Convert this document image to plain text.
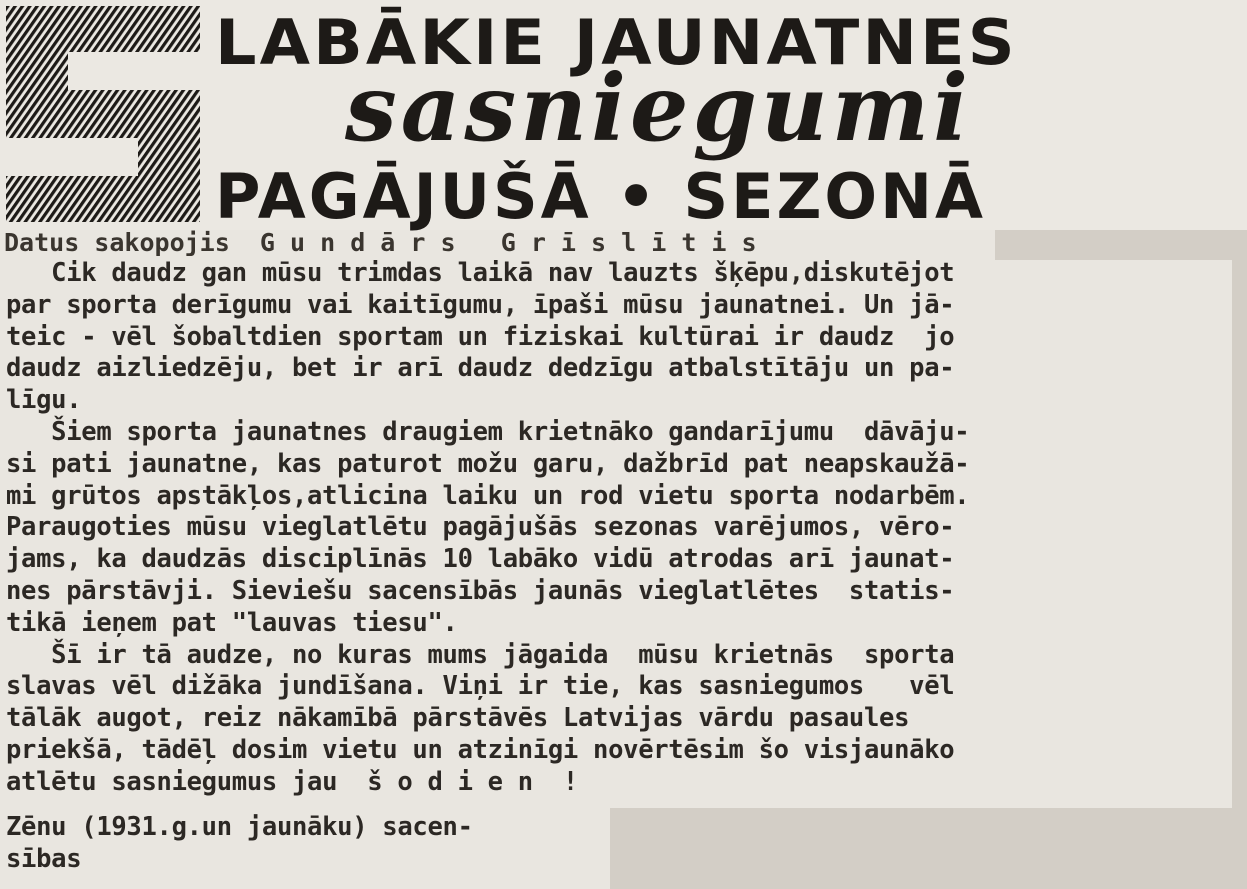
LABĀKIE JAUNATNES
sasniegumi
PAGĀJUŠĀ • SEZONĀ
Datus sakopojis G u n d ā r s   G r ī s l ī t i s
Cik daudz gan mūsu trimdas laikā nav lauzts šķēpu,diskutējot
par sporta derīgumu vai kaitīgumu, īpaši mūsu jaunatnei. Un jā-
teic - vēl šobaltdien sportam un fiziskai kultūrai ir daudz  jo
daudz aizliedzēju, bet ir arī daudz dedzīgu atbalstītāju un pa-
līgu.
Šiem sporta jaunatnes draugiem krietnāko gandarījumu  dāvāju-
si pati jaunatne, kas paturot možu garu, dažbrīd pat neapskaužā-
mi grūtos apstākļos,atlicina laiku un rod vietu sporta nodarbēm.
Paraugoties mūsu vieglatlētu pagājušās sezonas varējumos, vēro-
jams, ka daudzās disciplīnās 10 labāko vidū atrodas arī jaunat-
nes pārstāvji. Sieviešu sacensībās jaunās vieglatlētes  statis-
tikā ieņem pat "lauvas tiesu".
Šī ir tā audze, no kuras mums jāgaida  mūsu krietnās  sporta
slavas vēl dižāka jundīšana. Viņi ir tie, kas sasniegumos   vēl
tālāk augot, reiz nākamībā pārstāvēs Latvijas vārdu pasaules
priekšā, tādēļ dosim vietu un atzinīgi novērtēsim šo visjaunāko
atlētu sasniegumus jau  š o d i e n  !
Zēnu (1931.g.un jaunāku) sacen-
sības
